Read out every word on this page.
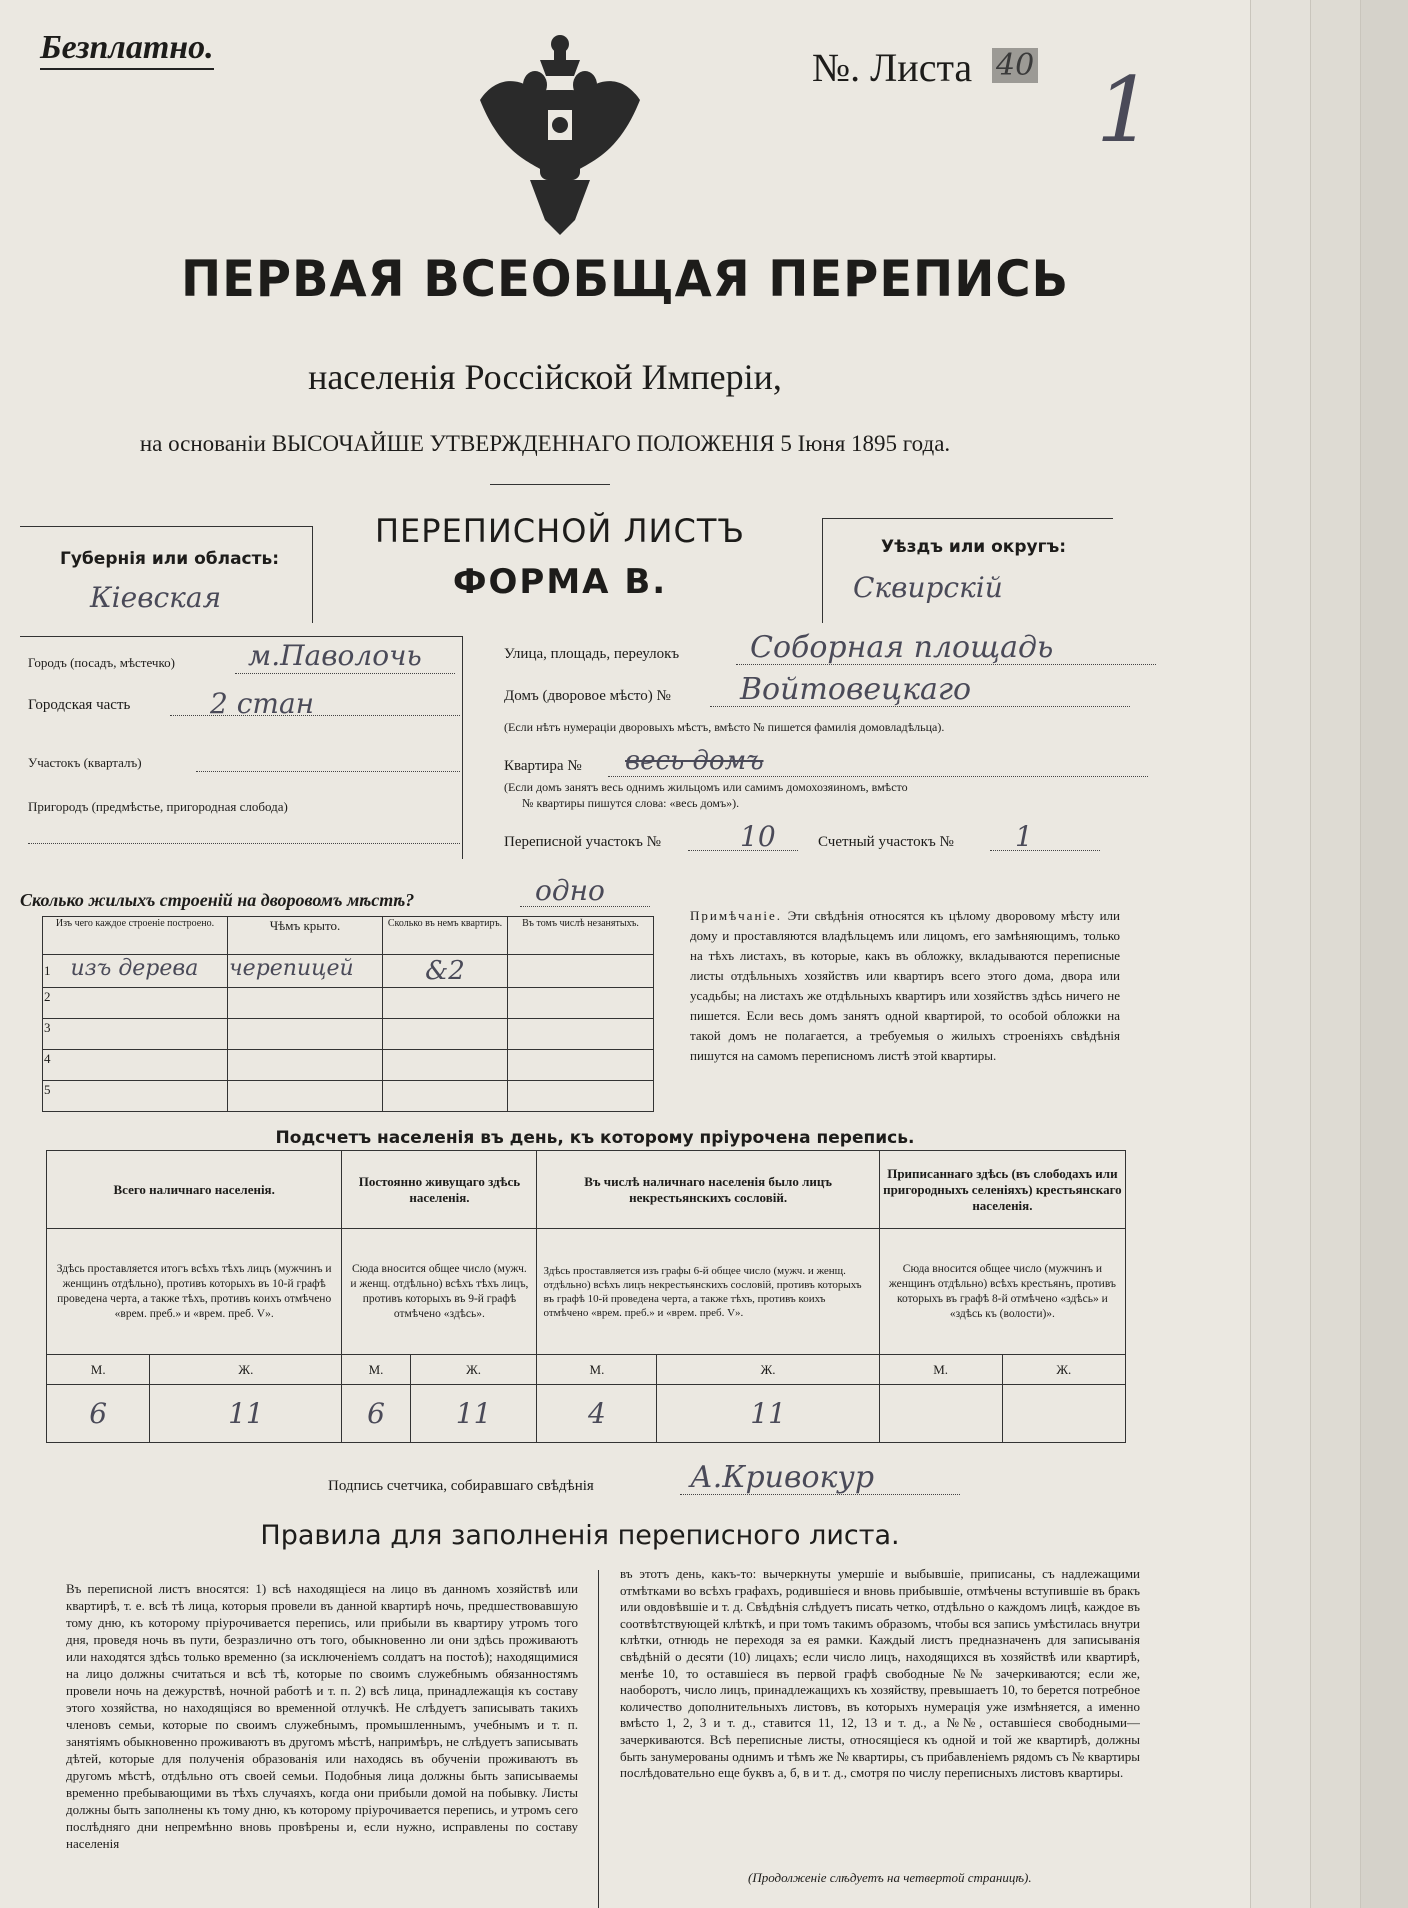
Безплатно.	№. Листа 40 1
ПЕРВАЯ ВСЕОБЩАЯ ПЕРЕПИСЬ
населенія Россійской Имперіи,
на основаніи ВЫСОЧАЙШЕ УТВЕРЖДЕННАГО ПОЛОЖЕНІЯ 5 Іюня 1895 года.
Губернія или область:
Кіевская
ПЕРЕПИСНОЙ ЛИСТЪ
ФОРМА В.
Уѣздъ или округъ:
Сквирскій
Городъ (посадъ, мѣстечко)	м.Паволочь
Городская часть	2 стан
Участокъ (кварталъ)
Пригородъ (предмѣстье, пригородная слобода)
Улица, площадь, переулокъ Соборная площадь
Домъ (дворовое мѣсто) № Войтовецкаго
(Если нѣтъ нумераціи дворовыхъ мѣстъ, вмѣсто № пишется фамилія домовладѣльца).
Квартира № весь домъ
(Если домъ занятъ весь однимъ жильцомъ или самимъ домохозяиномъ, вмѣсто
№ квартиры пишутся слова: «весь домъ»).
Переписной участокъ №	10	Счетный участокъ № 1
Сколько жилыхъ строеній на дворовомъ мѣстѣ?	одно
Изъ чего каждое строеніе построено.	Чѣмъ крыто.	Сколько въ немъ квартиръ.	Въ томъ числѣ незанятыхъ.
1 изъ дерева	черепицей	&2	
2			
3			
4			
5			
Примѣчаніе. Эти свѣдѣнія относятся къ цѣлому дворовому мѣсту или дому и проставляются владѣльцемъ или лицомъ, его замѣняющимъ, только на тѣхъ листахъ, въ которые, какъ въ обложку, вкладываются переписные листы отдѣльныхъ хозяйствъ или квартиръ всего этого дома, двора или усадьбы; на листахъ же отдѣльныхъ квартиръ или хозяйствъ здѣсь ничего не пишется. Если весь домъ занятъ одной квартирой, то особой обложки на такой домъ не полагается, а требуемыя о жилыхъ строеніяхъ свѣдѣнія пишутся на самомъ переписномъ листѣ этой квартиры.
Подсчетъ населенія въ день, къ которому пріурочена перепись.
Всего наличнаго населенія.		Постоянно живущаго здѣсь населенія.		Въ числѣ наличнаго населенія было лицъ некрестьянскихъ сословій.		Приписаннаго здѣсь (въ слободахъ или пригородныхъ селеніяхъ) крестьянскаго населенія.	
Здѣсь проставляется итогъ всѣхъ тѣхъ лицъ (мужчинъ и женщинъ отдѣльно), противъ которыхъ въ 10-й графѣ проведена черта, а также тѣхъ, противъ коихъ отмѣчено «врем. преб.» и «врем. преб. V».		Сюда вносится общее число (мужч. и женщ. отдѣльно) всѣхъ тѣхъ лицъ, противъ которыхъ въ 9-й графѣ отмѣчено «здѣсь».		Здѣсь проставляется изъ графы 6-й общее число (мужч. и женщ. отдѣльно) всѣхъ лицъ некрестьянскихъ сословій, противъ которыхъ въ графѣ 10-й проведена черта, а также тѣхъ, противъ коихъ отмѣчено «врем. преб.» и «врем. преб. V».		Сюда вносится общее число (мужчинъ и женщинъ отдѣльно) всѣхъ крестьянъ, противъ которыхъ въ графѣ 8-й отмѣчено «здѣсь» и «здѣсь къ (волости)».	
М.	Ж.	М.	Ж.	М.	Ж.	М.	Ж.
6	11	6	11	4	11		
Подпись счетчика, собиравшаго свѣдѣнія	А.Кривокур
Правила для заполненія переписного листа.

Въ переписной листъ вносятся: 1) всѣ находящіеся на лицо въ данномъ хозяйствѣ или квартирѣ, т. е. всѣ тѣ лица, которыя провели въ данной квартирѣ ночь, предшествовавшую тому дню, къ которому пріурочивается перепись, или прибыли въ квартиру утромъ того дня, проведя ночь въ пути, безразлично отъ того, обыкновенно ли они здѣсь проживаютъ или находятся здѣсь только временно (за исключеніемъ солдатъ на постоѣ); находящимися на лицо должны считаться и всѣ тѣ, которые по своимъ служебнымъ обязанностямъ провели ночь на дежурствѣ, ночной работѣ и т. п. 2) всѣ лица, принадлежащія къ составу этого хозяйства, но находящіяся во временной отлучкѣ. Не слѣдуетъ записывать такихъ членовъ семьи, которые по своимъ служебнымъ, промышленнымъ, учебнымъ и т. п. занятіямъ обыкновенно проживаютъ въ другомъ мѣстѣ, напримѣръ, не слѣдуетъ записывать дѣтей, которые для полученія образованія или находясь въ обученіи проживаютъ въ другомъ мѣстѣ, отдѣльно отъ своей семьи. Подобныя лица должны быть записываемы временно пребывающими въ тѣхъ случаяхъ, когда они прибыли домой на побывку. Листы должны быть заполнены къ тому дню, къ которому пріурочивается перепись, и утромъ сего послѣдняго дни непремѣнно вновь провѣрены и, если нужно, исправлены по составу населенія

въ этотъ день, какъ-то: вычеркнуты умершіе и выбывшіе, приписаны, съ надлежащими отмѣтками во всѣхъ графахъ, родившіеся и вновь прибывшіе, отмѣчены вступившіе въ бракъ или овдовѣвшіе и т. д. Свѣдѣнія слѣдуетъ писать четко, отдѣльно о каждомъ лицѣ, каждое въ соотвѣтствующей клѣткѣ, и при томъ такимъ образомъ, чтобы вся запись умѣстилась внутри клѣтки, отнюдь не переходя за ея рамки. Каждый листъ предназначенъ для записыванія свѣдѣній о десяти (10) лицахъ; если число лицъ, находящихся въ хозяйствѣ или квартирѣ, менѣе 10, то оставшіеся въ первой графѣ свободные №№ зачеркиваются; если же, наоборотъ, число лицъ, принадлежащихъ къ хозяйству, превышаетъ 10, то берется потребное количество дополнительныхъ листовъ, въ которыхъ нумерація уже измѣняется, а именно вмѣсто 1, 2, 3 и т. д., ставится 11, 12, 13 и т. д., а №№, оставшіеся свободными—зачеркиваются. Всѣ переписные листы, относящіеся къ одной и той же квартирѣ, должны быть занумерованы однимъ и тѣмъ же № квартиры, съ прибавленіемъ рядомъ съ № квартиры послѣдовательно еще буквъ а, б, в и т. д., смотря по числу переписныхъ листовъ квартиры.

(Продолженіе слѣдуетъ на четвертой страницѣ).
